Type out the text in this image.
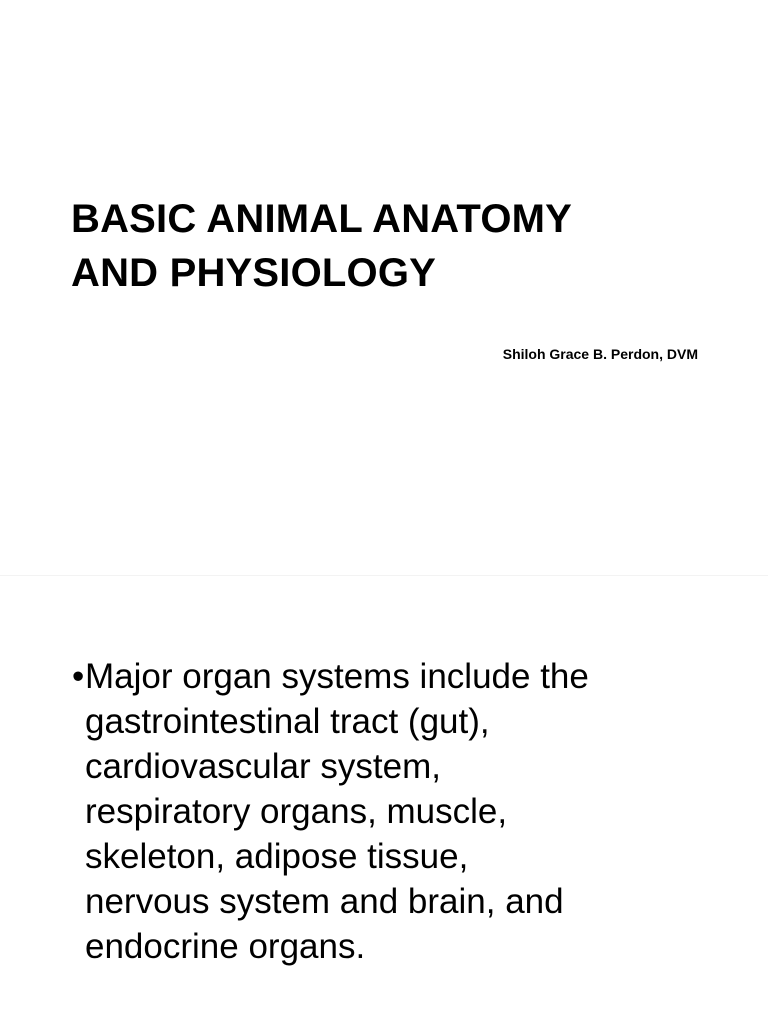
BASIC ANIMAL ANATOMY
AND PHYSIOLOGY
Shiloh Grace B. Perdon, DVM
• Major organ systems include the
gastrointestinal tract (gut),
cardiovascular system,
respiratory organs, muscle,
skeleton, adipose tissue,
nervous system and brain, and
endocrine organs.
